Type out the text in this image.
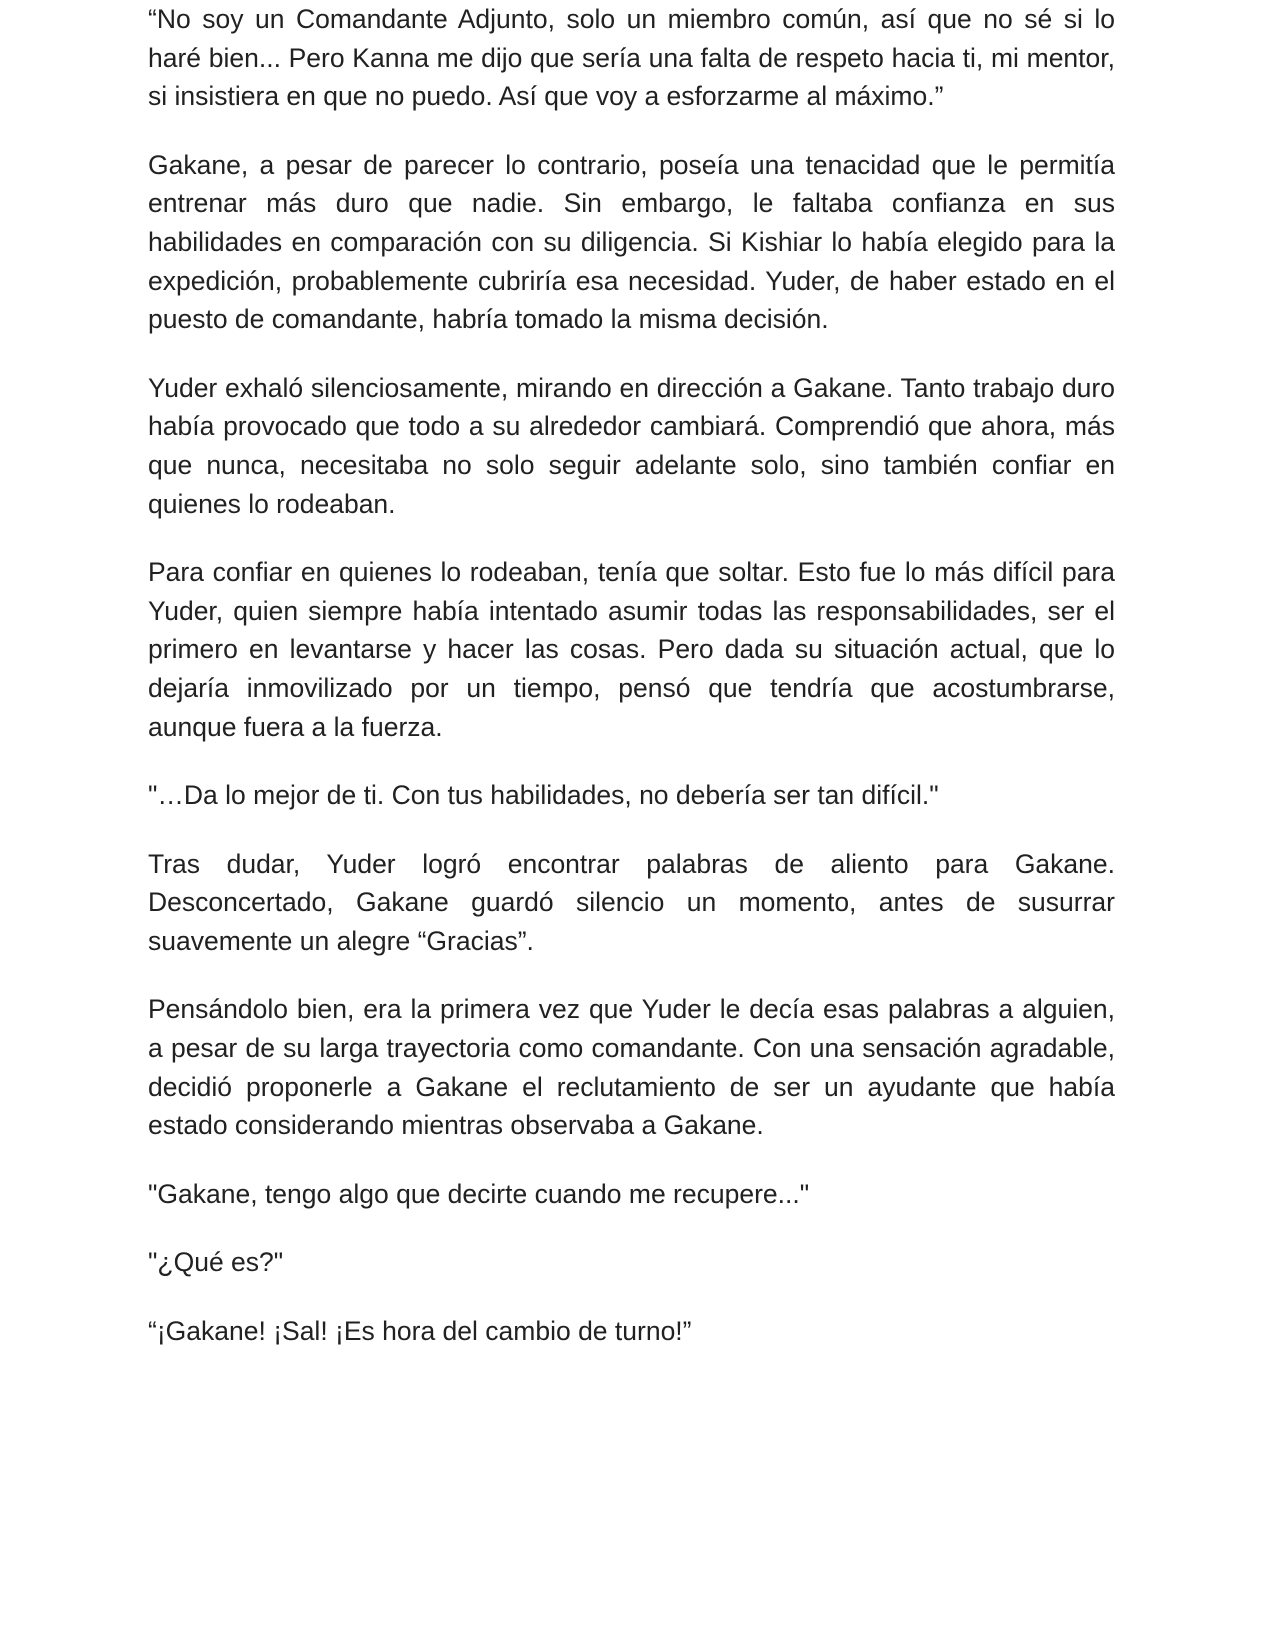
“No soy un Comandante Adjunto, solo un miembro común, así que no sé si lo haré bien... Pero Kanna me dijo que sería una falta de respeto hacia ti, mi mentor, si insistiera en que no puedo. Así que voy a esforzarme al máximo.”

Gakane, a pesar de parecer lo contrario, poseía una tenacidad que le permitía entrenar más duro que nadie. Sin embargo, le faltaba confianza en sus habilidades en comparación con su diligencia. Si Kishiar lo había elegido para la expedición, probablemente cubriría esa necesidad. Yuder, de haber estado en el puesto de comandante, habría tomado la misma decisión.

Yuder exhaló silenciosamente, mirando en dirección a Gakane. Tanto trabajo duro había provocado que todo a su alrededor cambiará. Comprendió que ahora, más que nunca, necesitaba no solo seguir adelante solo, sino también confiar en quienes lo rodeaban.

Para confiar en quienes lo rodeaban, tenía que soltar. Esto fue lo más difícil para Yuder, quien siempre había intentado asumir todas las responsabilidades, ser el primero en levantarse y hacer las cosas. Pero dada su situación actual, que lo dejaría inmovilizado por un tiempo, pensó que tendría que acostumbrarse, aunque fuera a la fuerza.

"…Da lo mejor de ti. Con tus habilidades, no debería ser tan difícil."

Tras dudar, Yuder logró encontrar palabras de aliento para Gakane. Desconcertado, Gakane guardó silencio un momento, antes de susurrar suavemente un alegre “Gracias”.

Pensándolo bien, era la primera vez que Yuder le decía esas palabras a alguien, a pesar de su larga trayectoria como comandante. Con una sensación agradable, decidió proponerle a Gakane el reclutamiento de ser un ayudante que había estado considerando mientras observaba a Gakane.

"Gakane, tengo algo que decirte cuando me recupere..."

"¿Qué es?"

“¡Gakane! ¡Sal! ¡Es hora del cambio de turno!”
